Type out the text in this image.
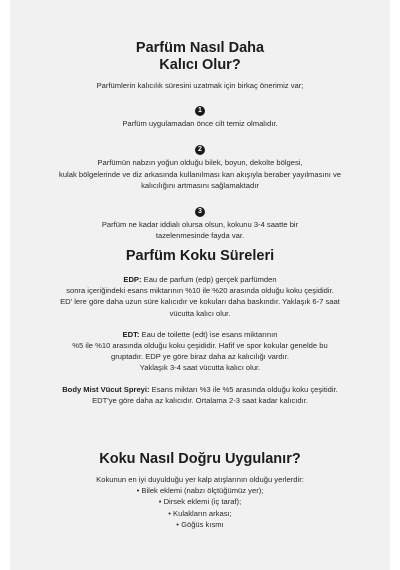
Parfüm Nasıl Daha
Kalıcı Olur?

Parfümlerin kalıcılık süresini uzatmak için birkaç önerimiz var;

1

Parfüm uygulamadan önce cilt temiz olmalıdır.

2

Parfümün nabzın yoğun olduğu bilek, boyun, dekolte bölgesi,

kulak bölgelerinde ve diz arkasında kullanılması kan akışıyla beraber yayılmasını ve

kalıcılığını artmasını sağlamaktadır

3

Parfüm ne kadar iddialı olursa olsun, kokunu 3-4 saatte bir

tazelenmesinde fayda var.

Parfüm Koku Süreleri

EDP: Eau de parfum (edp) gerçek parfümden

sonra içeriğindeki esans miktarının %10 ile %20 arasında olduğu koku çeşididir.

ED' lere göre daha uzun süre kalıcıdır ve kokuları daha baskındır. Yaklaşık 6-7 saat

vücutta kalıcı olur.

EDT: Eau de toilette (edt) ise esans miktarının

%5 ile %10 arasında olduğu koku çeşididir. Hafif ve spor kokular genelde bu

gruptadır. EDP ye göre biraz daha az kalıcılığı vardır.

Yaklaşık 3-4 saat vücutta kalıcı olur.

Body Mist Vücut Spreyi: Esans miktarı %3 ile %5 arasında olduğu koku çeşitidir.

EDT'ye göre daha az kalıcıdır. Ortalama 2-3 saat kadar kalıcıdır.

Koku Nasıl Doğru Uygulanır?

Kokunun en iyi duyulduğu yer kalp atışlarının olduğu yerlerdir:

• Bilek eklemi (nabzı ölçtüğümüz yer);

• Dirsek eklemi (iç taraf);

• Kulakların arkası;

• Göğüs kısmı
